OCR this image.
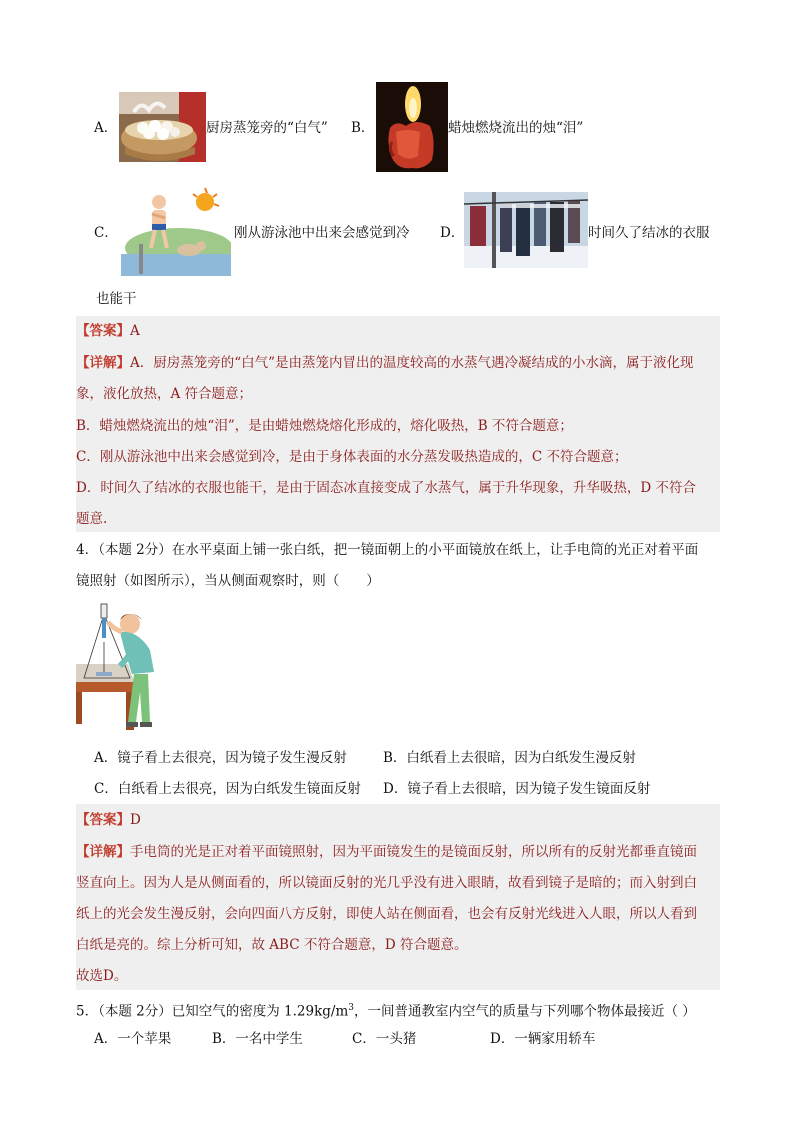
A．	厨房蒸笼旁的“白气” B．	蜡烛燃烧流出的烛“泪”
C．	刚从游泳池中出来会感觉到冷 D．	时间久了结冰的衣服
也能干
【答案】A
【详解】A．厨房蒸笼旁的“白气”是由蒸笼内冒出的温度较高的水蒸气遇冷凝结成的小水滴，属于液化现
象，液化放热，A 符合题意；
B．蜡烛燃烧流出的烛“泪”，是由蜡烛燃烧熔化形成的，熔化吸热，B 不符合题意；
C．刚从游泳池中出来会感觉到冷，是由于身体表面的水分蒸发吸热造成的，C 不符合题意；
D．时间久了结冰的衣服也能干，是由于固态冰直接变成了水蒸气，属于升华现象，升华吸热，D 不符合
题意.
4．（本题 2分）在水平桌面上铺一张白纸，把一镜面朝上的小平面镜放在纸上，让手电筒的光正对着平面
镜照射（如图所示），当从侧面观察时，则（　　）
A．镜子看上去很亮，因为镜子发生漫反射	B．白纸看上去很暗，因为白纸发生漫反射
C．白纸看上去很亮，因为白纸发生镜面反射 D．镜子看上去很暗，因为镜子发生镜面反射
【答案】D
【详解】手电筒的光是正对着平面镜照射，因为平面镜发生的是镜面反射，所以所有的反射光都垂直镜面
竖直向上。因为人是从侧面看的，所以镜面反射的光几乎没有进入眼睛，故看到镜子是暗的；而入射到白
纸上的光会发生漫反射，会向四面八方反射，即使人站在侧面看，也会有反射光线进入人眼，所以人看到
白纸是亮的。综上分析可知，故 ABC 不符合题意，D 符合题意。
故选D。
5．（本题 2分）已知空气的密度为 $1.29kg/m^3$，一间普通教室内空气的质量与下列哪个物体最接近（ ）
A．一个苹果	B．一名中学生	C．一头猪	D．一辆家用轿车
